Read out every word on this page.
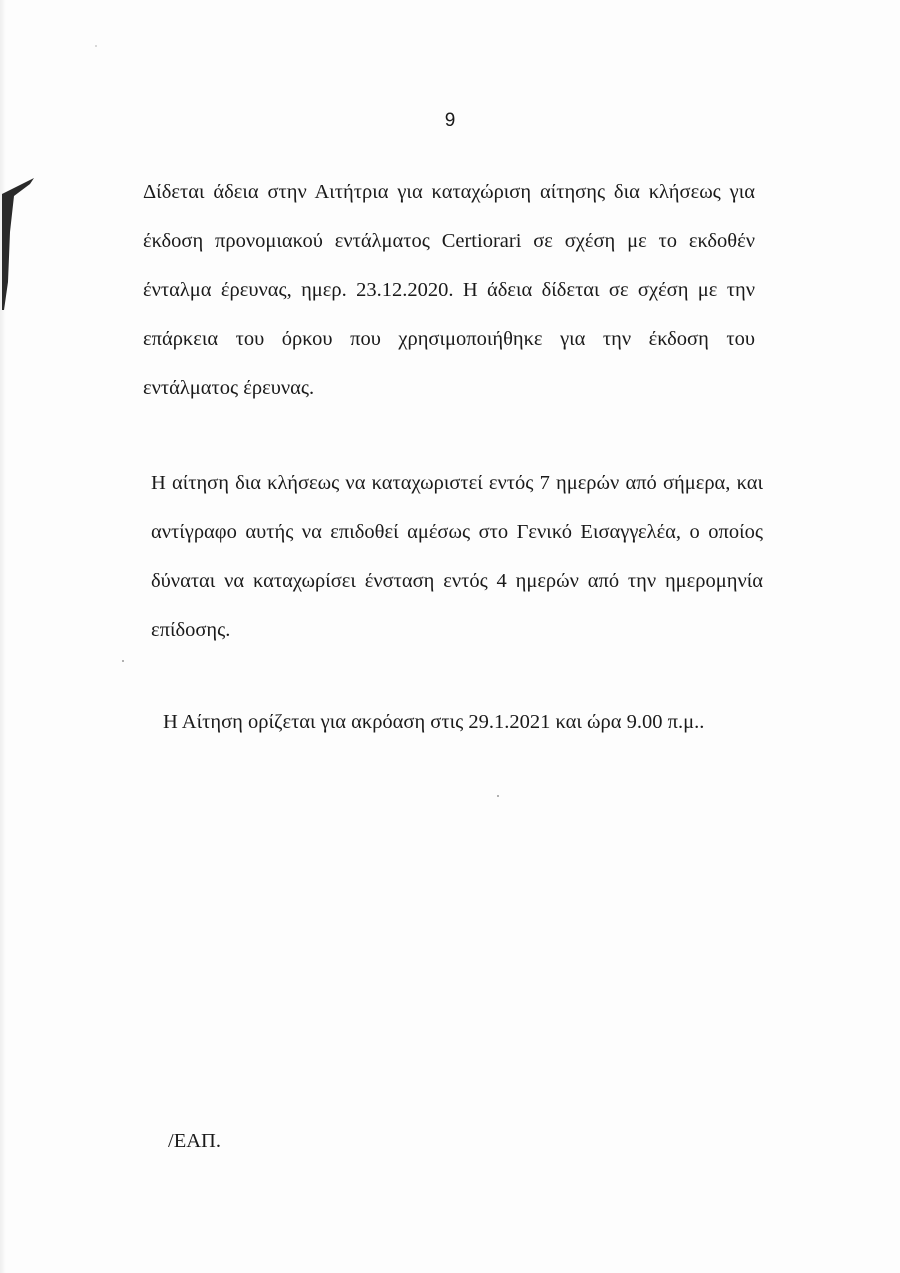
9

Δίδεται άδεια στην Αιτήτρια για καταχώριση αίτησης δια κλήσεως για έκδοση προνομιακού εντάλματος Certiorari σε σχέση με το εκδοθέν ένταλμα έρευνας, ημερ. 23.12.2020. Η άδεια δίδεται σε σχέση με την επάρκεια του όρκου που χρησιμοποιήθηκε για την έκδοση του εντάλματος έρευνας.

Η αίτηση δια κλήσεως να καταχωριστεί εντός 7 ημερών από σήμερα, και αντίγραφο αυτής να επιδοθεί αμέσως στο Γενικό Εισαγγελέα, ο οποίος δύναται να καταχωρίσει ένσταση εντός 4 ημερών από την ημερομηνία επίδοσης.

Η Αίτηση ορίζεται για ακρόαση στις 29.1.2021 και ώρα 9.00 π.μ..

/ΕΑΠ.
